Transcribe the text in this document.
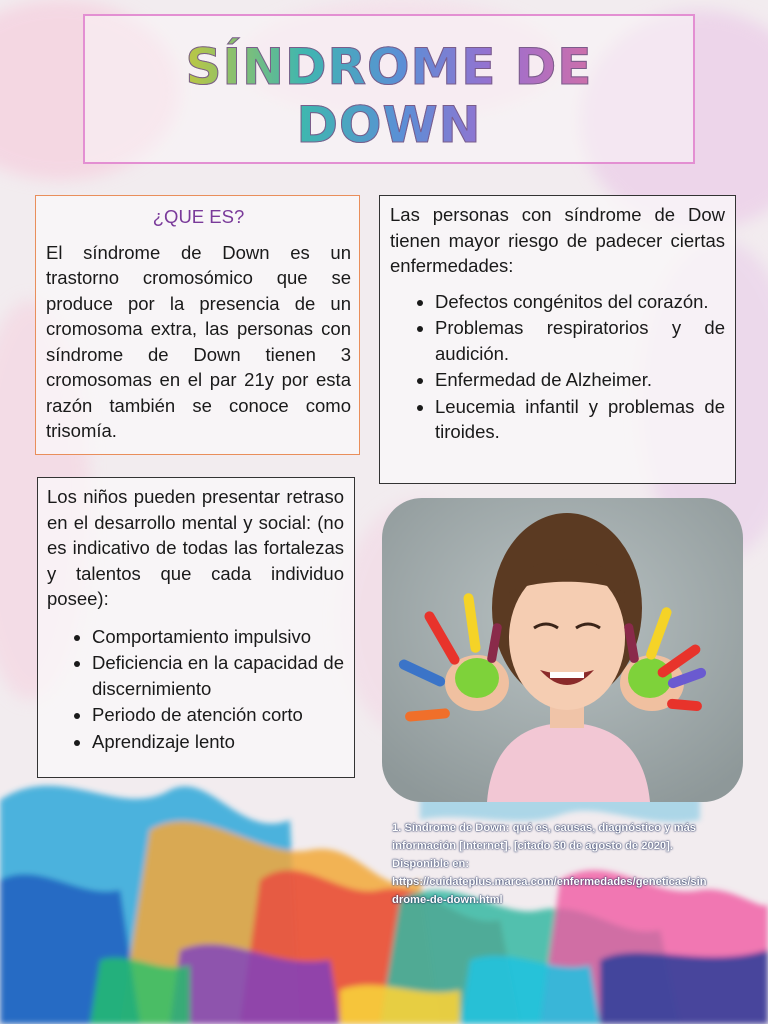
SÍNDROME DE DOWN

¿QUE ES?

El síndrome de Down es un trastorno cromosómico que se produce por la presencia de un cromosoma extra, las personas con síndrome de Down tienen 3 cromosomas en el par 21y por esta razón también se conoce como trisomía.

Las personas con síndrome de Dow tienen mayor riesgo de padecer ciertas enfermedades:

• Defectos congénitos del corazón.
• Problemas respiratorios y de audición.
• Enfermedad de Alzheimer.
• Leucemia infantil y problemas de tiroides.

Los niños pueden presentar retraso en el desarrollo mental y social: (no es indicativo de todas las fortalezas y talentos que cada individuo posee):

• Comportamiento impulsivo
• Deficiencia en la capacidad de discernimiento
• Periodo de atención corto
• Aprendizaje lento
1. Síndrome de Down: qué es, causas, diagnóstico y más
información [Internet]. [citado 30 de agosto de 2020].
Disponible en:
https://cuidateplus.marca.com/enfermedades/geneticas/sin
drome-de-down.html
